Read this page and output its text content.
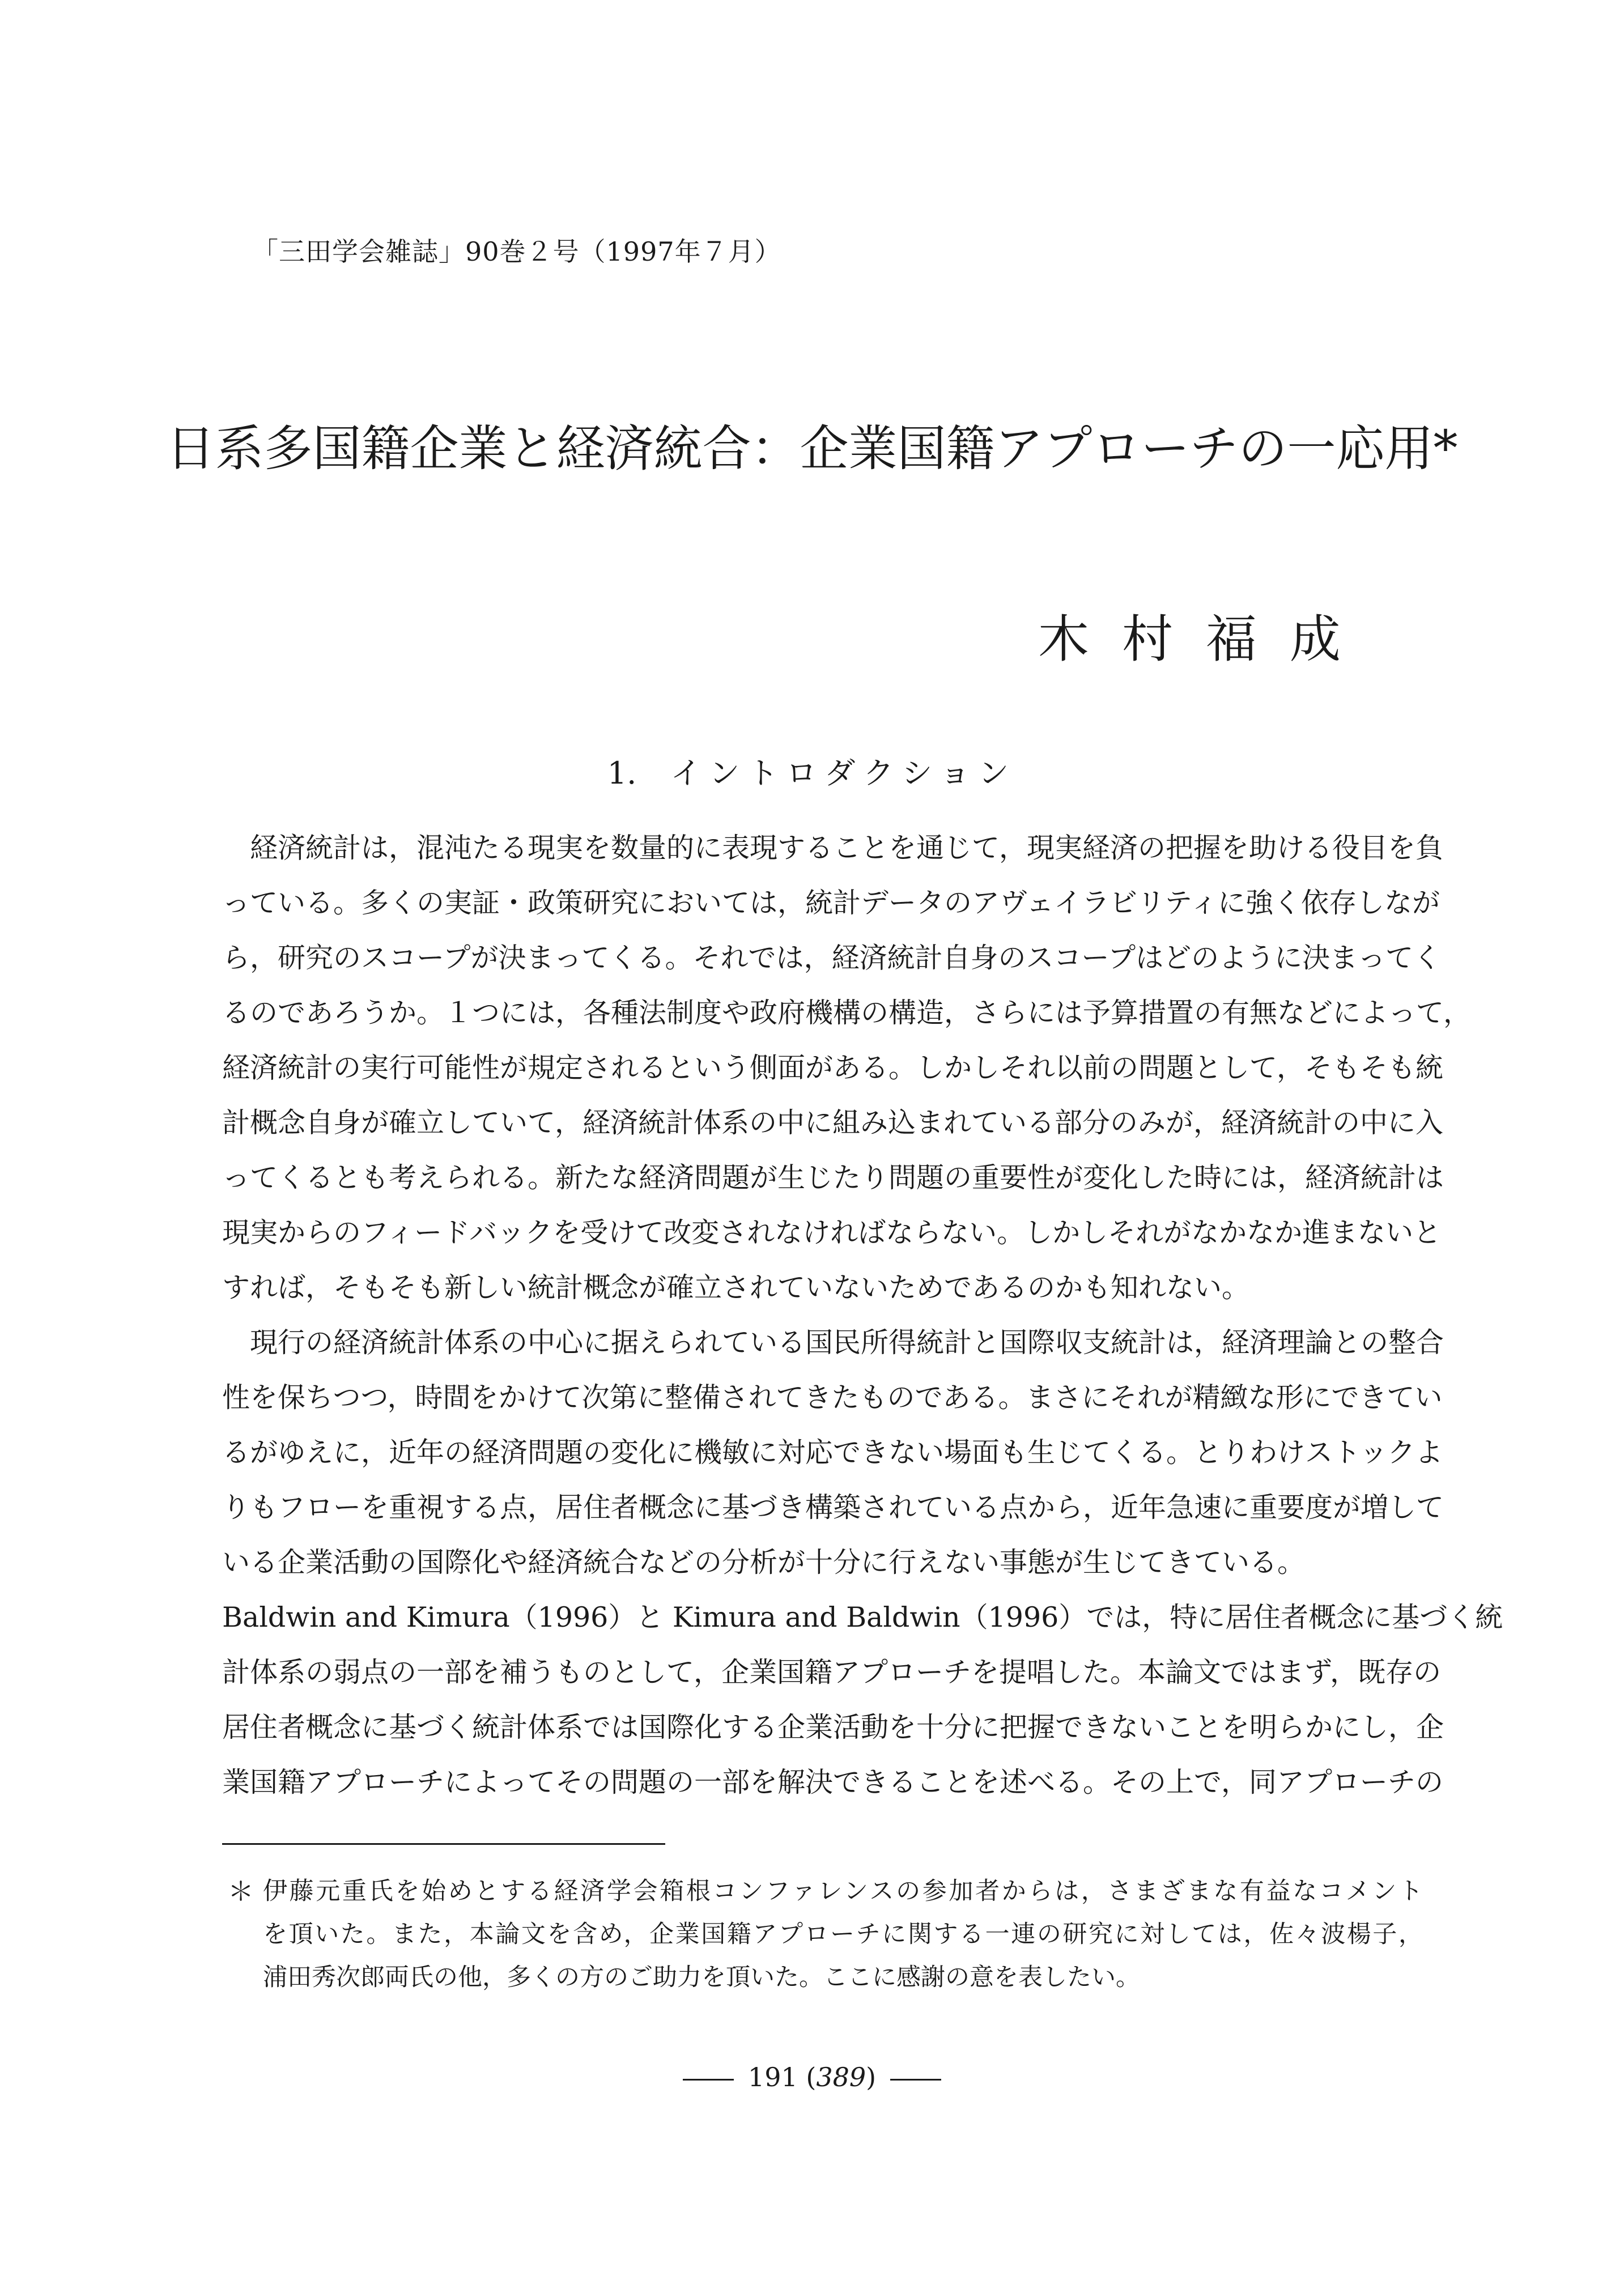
「三田学会雑誌」90巻２号（1997年７月）
日系多国籍企業と経済統合：企業国籍アプローチの一応用*
木村福成
1. イントロダクション
経済統計は，混沌たる現実を数量的に表現することを通じて，現実経済の把握を助ける役目を負
っている。多くの実証・政策研究においては，統計データのアヴェイラビリティに強く依存しなが
ら，研究のスコープが決まってくる。それでは，経済統計自身のスコープはどのように決まってく
るのであろうか。１つには，各種法制度や政府機構の構造，さらには予算措置の有無などによって，
経済統計の実行可能性が規定されるという側面がある。しかしそれ以前の問題として，そもそも統
計概念自身が確立していて，経済統計体系の中に組み込まれている部分のみが，経済統計の中に入
ってくるとも考えられる。新たな経済問題が生じたり問題の重要性が変化した時には，経済統計は
現実からのフィードバックを受けて改変されなければならない。しかしそれがなかなか進まないと
すれば，そもそも新しい統計概念が確立されていないためであるのかも知れない。
現行の経済統計体系の中心に据えられている国民所得統計と国際収支統計は，経済理論との整合
性を保ちつつ，時間をかけて次第に整備されてきたものである。まさにそれが精緻な形にできてい
るがゆえに，近年の経済問題の変化に機敏に対応できない場面も生じてくる。とりわけストックよ
りもフローを重視する点，居住者概念に基づき構築されている点から，近年急速に重要度が増して
いる企業活動の国際化や経済統合などの分析が十分に行えない事態が生じてきている。
Baldwin and Kimura（1996）と Kimura and Baldwin（1996）では，特に居住者概念に基づく統
計体系の弱点の一部を補うものとして，企業国籍アプローチを提唱した。本論文ではまず，既存の
居住者概念に基づく統計体系では国際化する企業活動を十分に把握できないことを明らかにし，企
業国籍アプローチによってその問題の一部を解決できることを述べる。その上で，同アプローチの
＊ 伊藤元重氏を始めとする経済学会箱根コンファレンスの参加者からは，さまざまな有益なコメント
を頂いた。また，本論文を含め，企業国籍アプローチに関する一連の研究に対しては，佐々波楊子，
浦田秀次郎両氏の他，多くの方のご助力を頂いた。ここに感謝の意を表したい。
191 (389)
